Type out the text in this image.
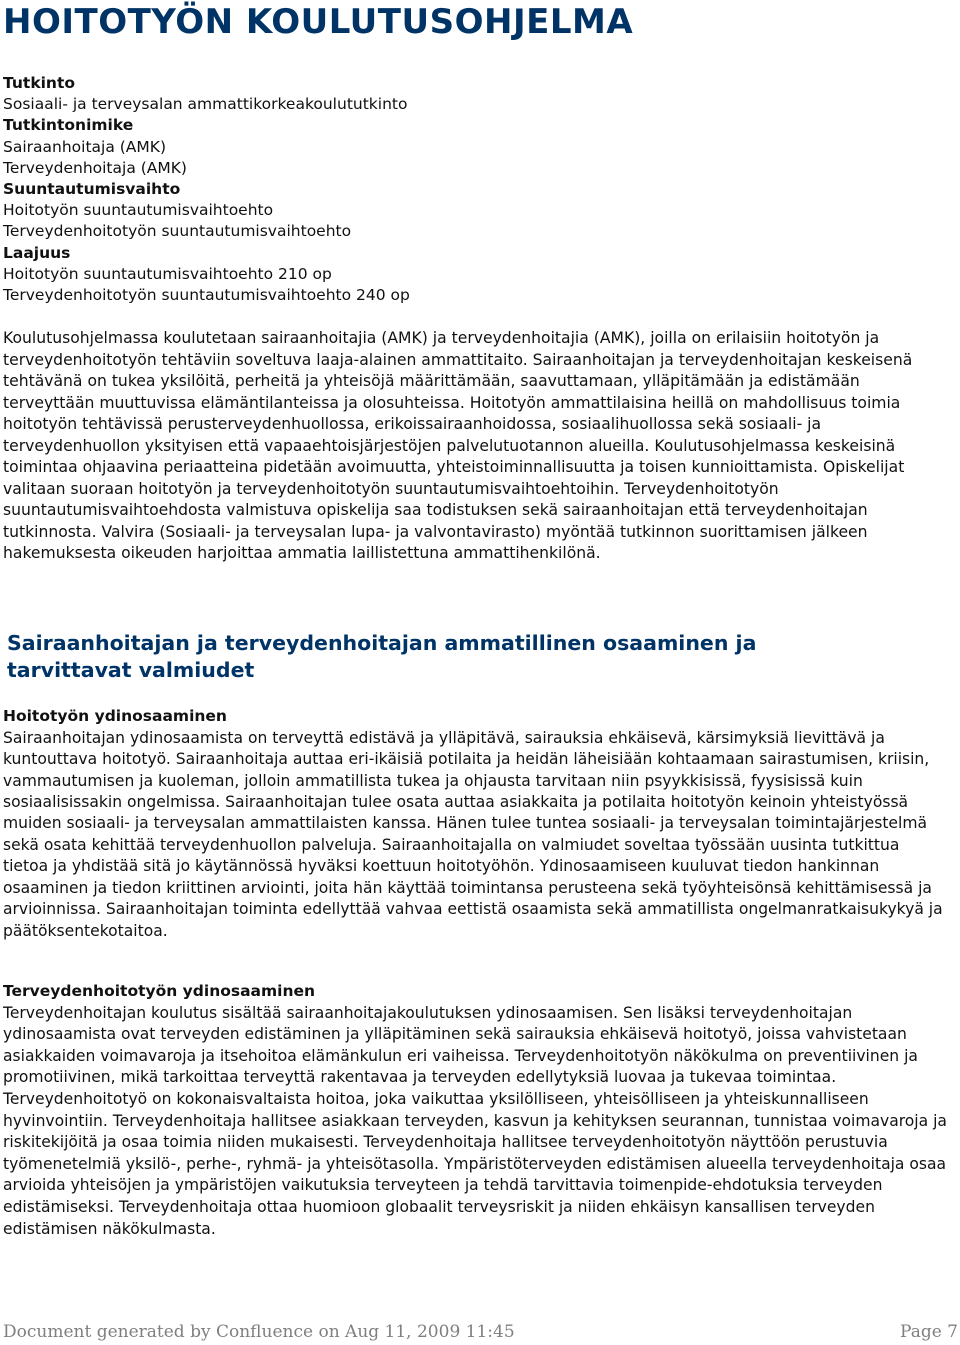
HOITOTYÖN KOULUTUSOHJELMA
Tutkinto
Sosiaali- ja terveysalan ammattikorkeakoulututkinto
Tutkintonimike
Sairaanhoitaja (AMK)
Terveydenhoitaja (AMK)
Suuntautumisvaihto
Hoitotyön suuntautumisvaihtoehto
Terveydenhoitotyön suuntautumisvaihtoehto
Laajuus
Hoitotyön suuntautumisvaihtoehto 210 op
Terveydenhoitotyön suuntautumisvaihtoehto 240 op

Koulutusohjelmassa koulutetaan sairaanhoitajia (AMK) ja terveydenhoitajia (AMK), joilla on erilaisiin hoitotyön ja terveydenhoitotyön tehtäviin soveltuva laaja-alainen ammattitaito. Sairaanhoitajan ja terveydenhoitajan keskeisenä tehtävänä on tukea yksilöitä, perheitä ja yhteisöjä määrittämään, saavuttamaan, ylläpitämään ja edistämään terveyttään muuttuvissa elämäntilanteissa ja olosuhteissa. Hoitotyön ammattilaisina heillä on mahdollisuus toimia hoitotyön tehtävissä perusterveydenhuollossa, erikoissairaanhoidossa, sosiaalihuollossa sekä sosiaali- ja terveydenhuollon yksityisen että vapaaehtoisjärjestöjen palvelutuotannon alueilla. Koulutusohjelmassa keskeisinä toimintaa ohjaavina periaatteina pidetään avoimuutta, yhteistoiminnallisuutta ja toisen kunnioittamista. Opiskelijat valitaan suoraan hoitotyön ja terveydenhoitotyön suuntautumisvaihtoehtoihin. Terveydenhoitotyön suuntautumisvaihtoehdosta valmistuva opiskelija saa todistuksen sekä sairaanhoitajan että terveydenhoitajan tutkinnosta. Valvira (Sosiaali- ja terveysalan lupa- ja valvontavirasto) myöntää tutkinnon suorittamisen jälkeen hakemuksesta oikeuden harjoittaa ammatia laillistettuna ammattihenkilönä.

Sairaanhoitajan ja terveydenhoitajan ammatillinen osaaminen ja tarvittavat valmiudet
Hoitotyön ydinosaaminen

Sairaanhoitajan ydinosaamista on terveyttä edistävä ja ylläpitävä, sairauksia ehkäisevä, kärsimyksiä lievittävä ja kuntouttava hoitotyö. Sairaanhoitaja auttaa eri-ikäisiä potilaita ja heidän läheisiään kohtaamaan sairastumisen, kriisin, vammautumisen ja kuoleman, jolloin ammatillista tukea ja ohjausta tarvitaan niin psyykkisissä, fyysisissä kuin sosiaalisissakin ongelmissa. Sairaanhoitajan tulee osata auttaa asiakkaita ja potilaita hoitotyön keinoin yhteistyössä muiden sosiaali- ja terveysalan ammattilaisten kanssa. Hänen tulee tuntea sosiaali- ja terveysalan toimintajärjestelmä sekä osata kehittää terveydenhuollon palveluja. Sairaanhoitajalla on valmiudet soveltaa työssään uusinta tutkittua tietoa ja yhdistää sitä jo käytännössä hyväksi koettuun hoitotyöhön. Ydinosaamiseen kuuluvat tiedon hankinnan osaaminen ja tiedon kriittinen arviointi, joita hän käyttää toimintansa perusteena sekä työyhteisönsä kehittämisessä ja arvioinnissa. Sairaanhoitajan toiminta edellyttää vahvaa eettistä osaamista sekä ammatillista ongelmanratkaisukykyä ja päätöksentekotaitoa.

Terveydenhoitotyön ydinosaaminen

Terveydenhoitajan koulutus sisältää sairaanhoitajakoulutuksen ydinosaamisen. Sen lisäksi terveydenhoitajan ydinosaamista ovat terveyden edistäminen ja ylläpitäminen sekä sairauksia ehkäisevä hoitotyö, joissa vahvistetaan asiakkaiden voimavaroja ja itsehoitoa elämänkulun eri vaiheissa. Terveydenhoitotyön näkökulma on preventiivinen ja promotiivinen, mikä tarkoittaa terveyttä rakentavaa ja terveyden edellytyksiä luovaa ja tukevaa toimintaa. Terveydenhoitotyö on kokonaisvaltaista hoitoa, joka vaikuttaa yksilölliseen, yhteisölliseen ja yhteiskunnalliseen hyvinvointiin. Terveydenhoitaja hallitsee asiakkaan terveyden, kasvun ja kehityksen seurannan, tunnistaa voimavaroja ja riskitekijöitä ja osaa toimia niiden mukaisesti. Terveydenhoitaja hallitsee terveydenhoitotyön näyttöön perustuvia työmenetelmiä yksilö-, perhe-, ryhmä- ja yhteisötasolla. Ympäristöterveyden edistämisen alueella terveydenhoitaja osaa arvioida yhteisöjen ja ympäristöjen vaikutuksia terveyteen ja tehdä tarvittavia toimenpide-ehdotuksia terveyden edistämiseksi. Terveydenhoitaja ottaa huomioon globaalit terveysriskit ja niiden ehkäisyn kansallisen terveyden edistämisen näkökulmasta.

Document generated by Confluence on Aug 11, 2009 11:45	Page 7
